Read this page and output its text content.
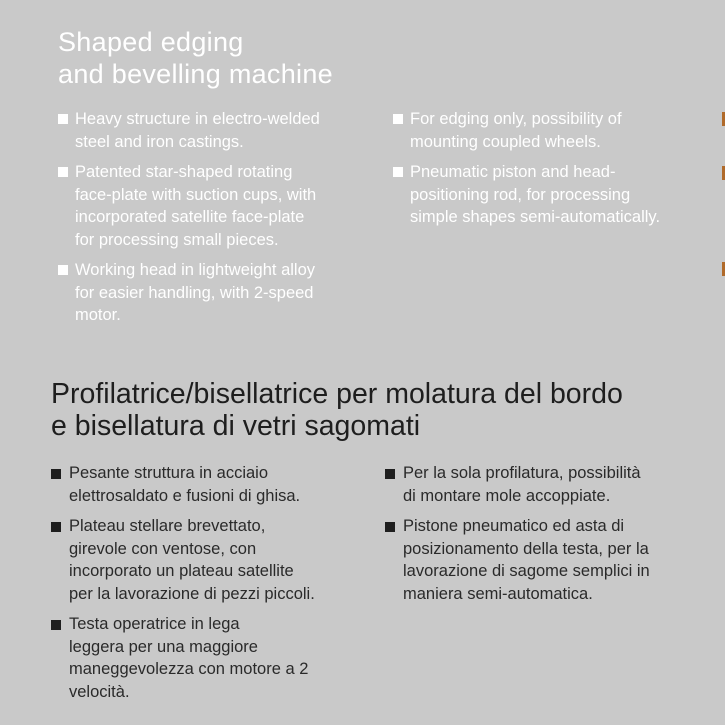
Shaped edging
and bevelling machine
Heavy structure in electro-welded
steel and iron castings.
Patented star-shaped rotating
face-plate with suction cups, with
incorporated satellite face-plate
for processing small pieces.
Working head in lightweight alloy
for easier handling, with 2-speed
motor.
For edging only, possibility of
mounting coupled wheels.
Pneumatic piston and head-
positioning rod, for processing
simple shapes semi-automatically.
Profilatrice/bisellatrice per molatura del bordo
e bisellatura di vetri sagomati
Pesante struttura in acciaio
elettrosaldato e fusioni di ghisa.
Plateau stellare brevettato,
girevole con ventose, con
incorporato un plateau satellite
per la lavorazione di pezzi piccoli.
Testa operatrice in lega
leggera per una maggiore
maneggevolezza con motore a 2
velocità.
Per la sola profilatura, possibilità
di montare mole accoppiate.
Pistone pneumatico ed asta di
posizionamento della testa, per la
lavorazione di sagome semplici in
maniera semi-automatica.
